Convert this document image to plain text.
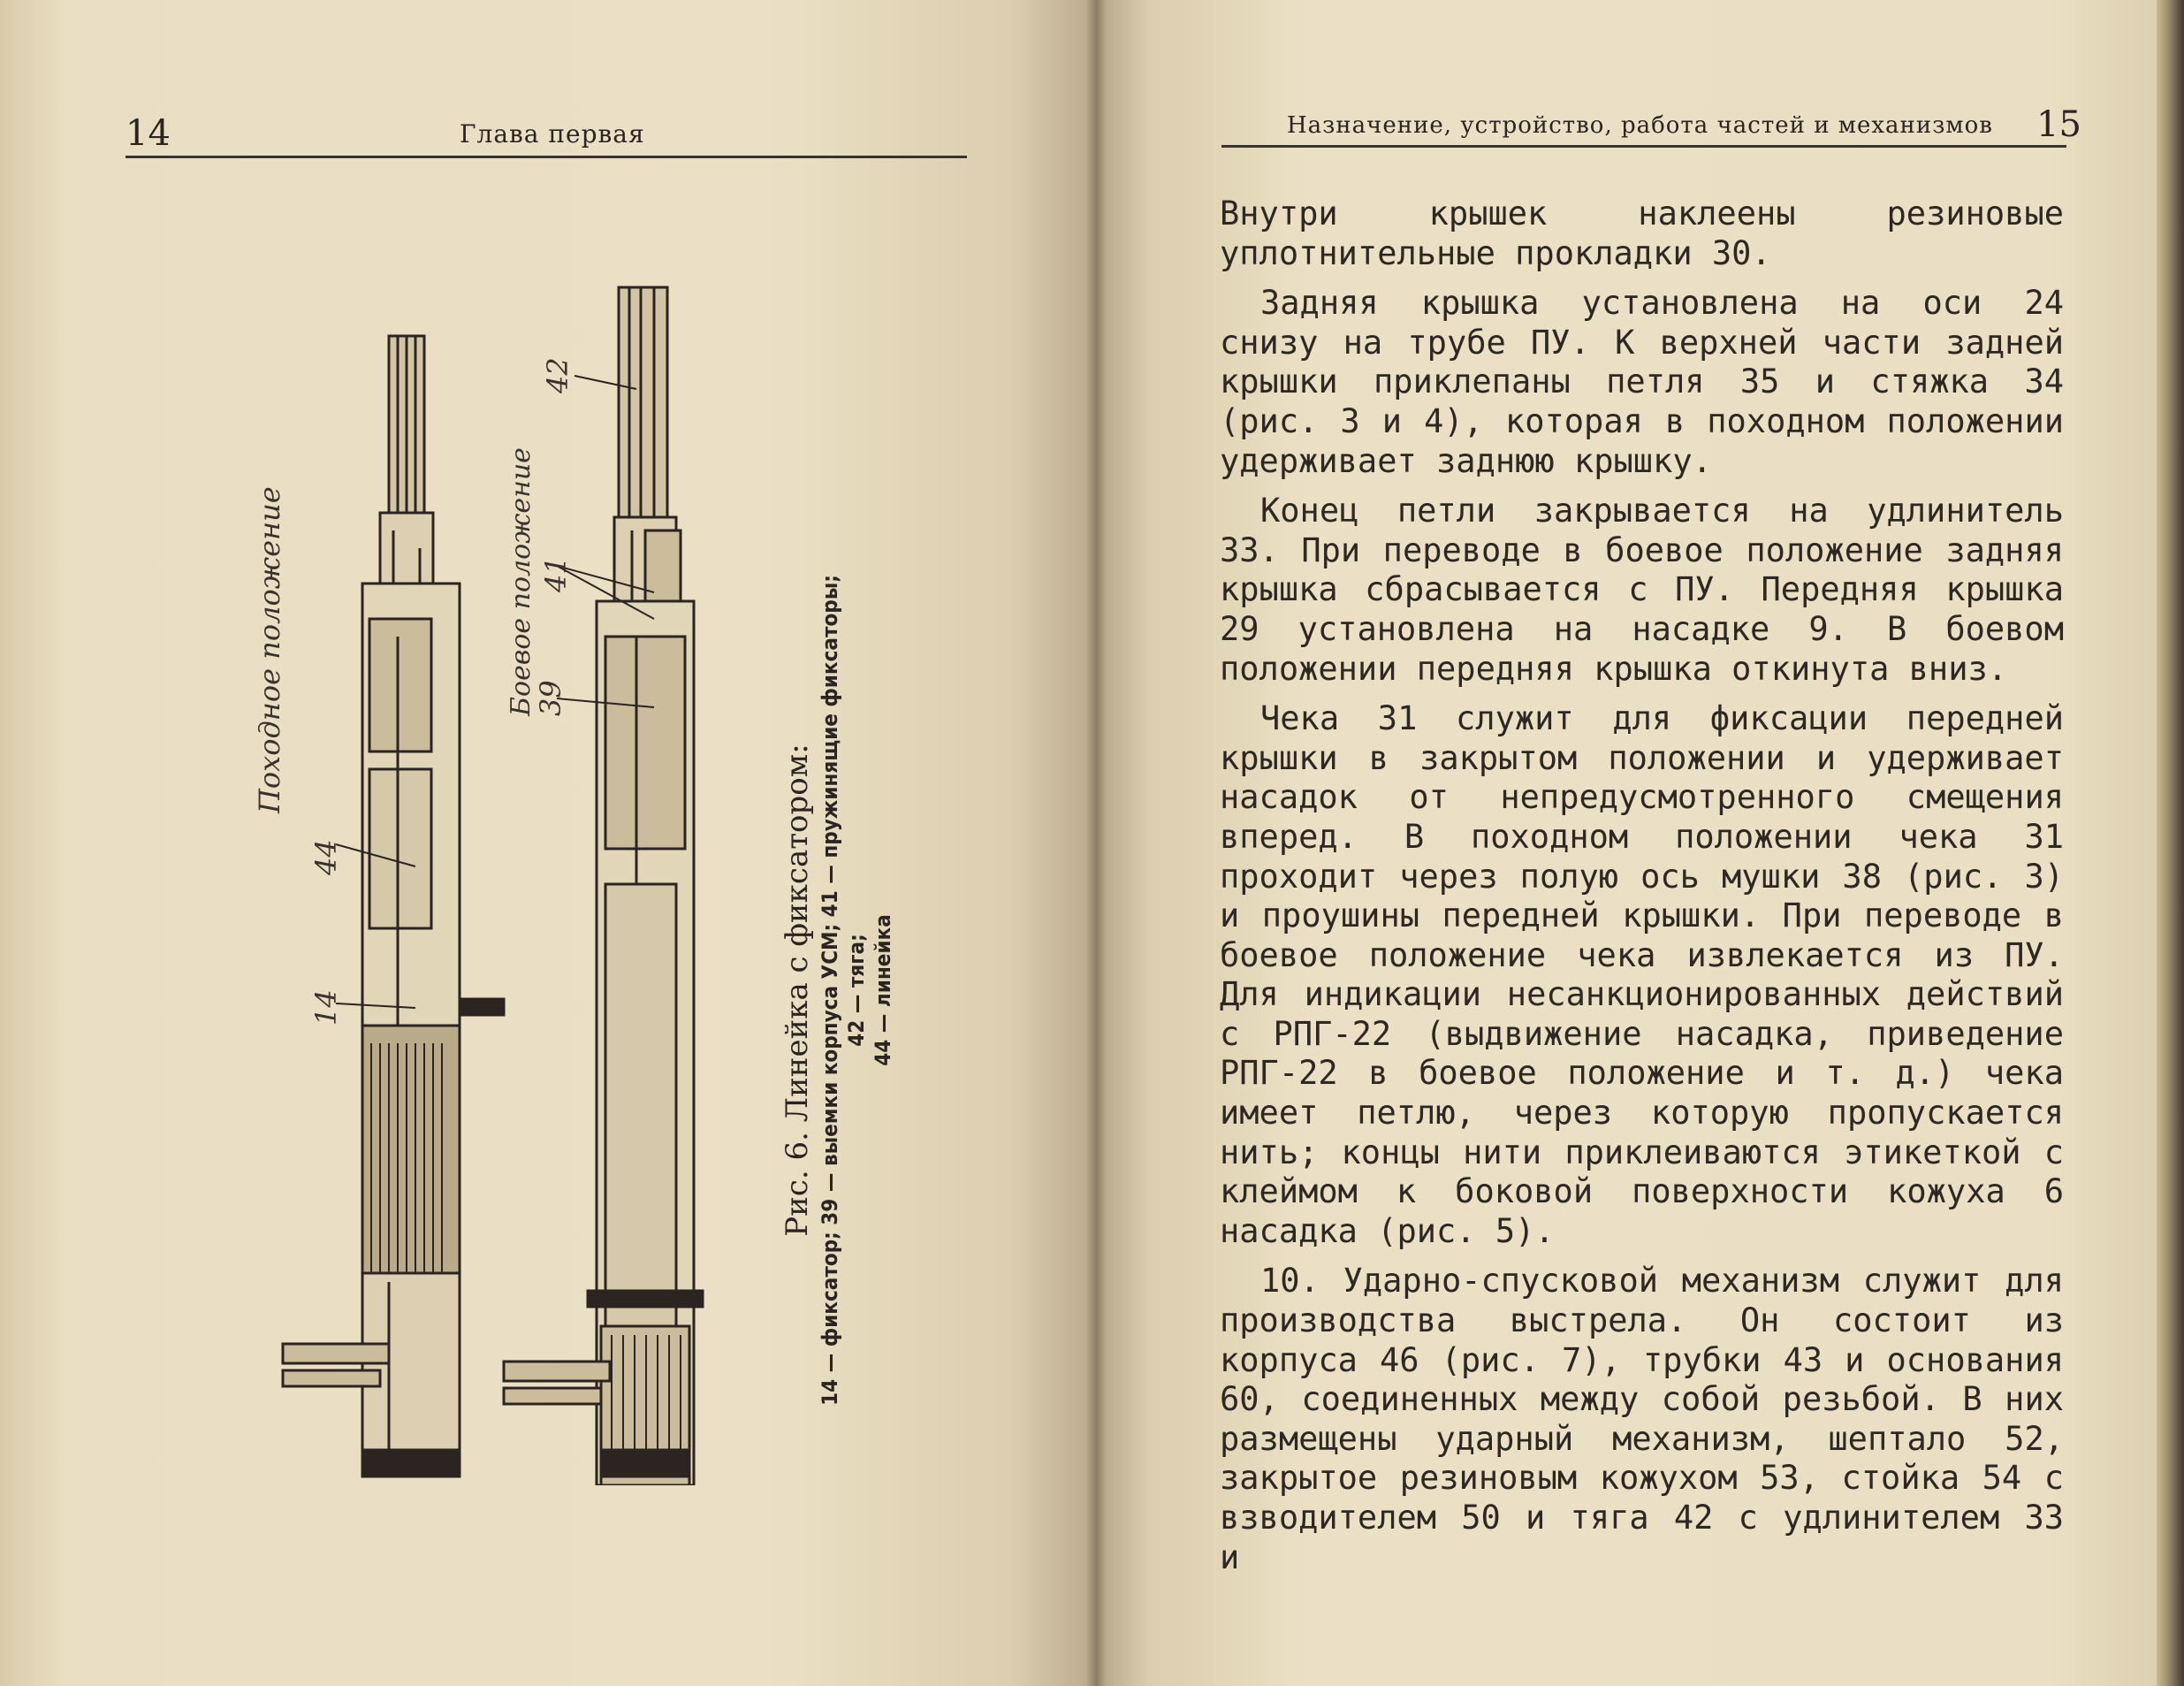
14	Глава первая	Назначение, устройство, работа частей и механизмов 15
Походное положение	Боевое положение
44
14
42
41
39
Рис. 6. Линейка с фиксатором: 14 — фиксатор; 39 — выемки корпуса УСМ; 41 — пружинящие фиксаторы; 42 — тяга; 44 — линейка

Внутри крышек наклеены резиновые уплотнительные прокладки 30.

Задняя крышка установлена на оси 24 снизу на трубе ПУ. К верхней части задней крышки приклепаны петля 35 и стяжка 34 (рис. 3 и 4), которая в походном положении удерживает заднюю крышку.

Конец петли закрывается на удлинитель 33. При переводе в боевое положение задняя крышка сбрасывается с ПУ. Передняя крышка 29 установлена на насадке 9. В боевом положении передняя крышка откинута вниз.

Чека 31 служит для фиксации передней крышки в закрытом положении и удерживает насадок от непредусмотренного смещения вперед. В походном положении чека 31 проходит через полую ось мушки 38 (рис. 3) и проушины передней крышки. При переводе в боевое положение чека извлекается из ПУ. Для индикации несанкционированных действий с РПГ-22 (выдвижение насадка, приведение РПГ-22 в боевое положение и т. д.) чека имеет петлю, через которую пропускается нить; концы нити приклеиваются этикеткой с клеймом к боковой поверхности кожуха 6 насадка (рис. 5).

10. Ударно-спусковой механизм служит для производства выстрела. Он состоит из корпуса 46 (рис. 7), трубки 43 и основания 60, соединенных между собой резьбой. В них размещены ударный механизм, шептало 52, закрытое резиновым кожухом 53, стойка 54 с взводителем 50 и тяга 42 с удлинителем 33 и
